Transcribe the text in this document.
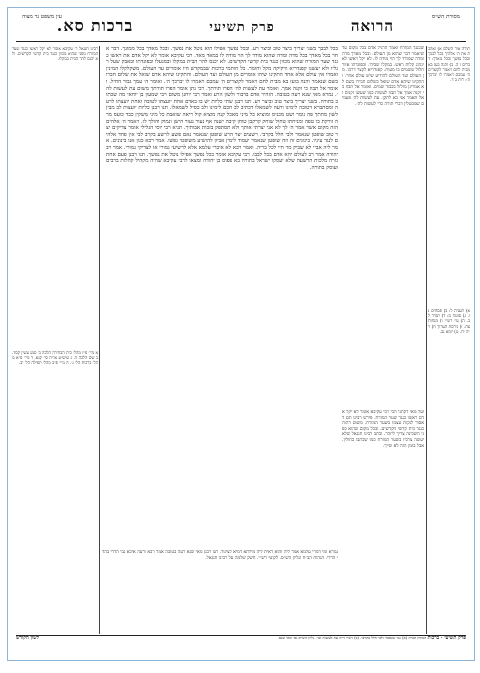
מסורת הש״ס
הרואה פרק תשיעי ברכות סא.
עין משפט נר מצוה
תורה אור השלם א) ואהבת את ה׳ אלהיך בכל לבבך ובכל נפשך ובכל מאדך: דברים ו ה. ב) והנה בעז בא מבית לחם ויאמר לקוצרים ה׳ עמכם ויאמרו לו יברכך ה׳: רות ב ד.
א) תענית ל: ב) פסחים נו. ג) סוטה מ: ד) תמיד לב. ה) עי׳ רש״י ו) מנחות צח. ז) גירסת הערוך ח) ר״ה יח. ט) יומא נב.
שכנגד המזרח ואמר הרגיל אדם בכל מקום עד שיאמר דבר שהוא מן העולם. ובכל מאדך מדה ומדה שמודד לך הוי מודה לו. לא יקל ראשו לא ינהוג קלות ראש. במקלו שבידו. ובפונדתו אזור חלול ששמים בו מעות. קפנדריא לקצר דרכו. מן העולם ועד העולם להודיע שיש עולם אחר. והתקינו שיהא אדם שואל בשלום חבירו בשם לא אמרינן מזלזל בכבוד שמים. ואומר אל תבוז כי זקנה אמך אל תבוז לעשות כמו שעשו זקנים ואל תאמר אני בא לתקן. עת לעשות לה׳ פעמים שמבטלין דברי תורה כדי לעשות לה׳.
בכל לבבך בשני יצריך ביצר טוב וביצר רע. ובכל נפשך אפילו הוא נוטל את נפשך. ובכל מאדך בכל ממונך. דבר אחר בכל מאדך בכל מדה ומדה שהוא מודד לך הוי מודה לו במאד מאד. רבי עקיבא אומר לא יקל אדם את ראשו כנגד שער המזרח שהוא מכוון כנגד בית קדשי הקדשים. לא יכנס להר הבית במקלו ובמנעלו ובפונדתו ובאבק שעל רגליו ולא יעשנו קפנדריא ורקיקה מקל וחומר. כל חותמי ברכות שבמקדש היו אומרים עד העולם. משקלקלו המינין ואמרו אין עולם אלא אחד התקינו שיהו אומרים מן העולם ועד העולם. והתקינו שיהא אדם שואל את שלום חברו בשם שנאמר והנה בועז בא מבית לחם ויאמר לקוצרים ה׳ עמכם ויאמרו לו יברכך ה׳. ואומר ה׳ עמך גבור החיל. ואומר אל תבוז כי זקנה אמך. ואומר עת לעשות לה׳ הפרו תורתך. רבי נתן אומר הפרו תורתך משום עת לעשות לה׳. גמרא מאי שנא רעה בטובה. הזהיר אדם בדבור ולשון הרע ואמר רבי יוחנן משום רבי שמעון בן יוחאי מה שכתוב בתורה. בשני יצריך ביצר טוב וביצר רע. תנו רבנן שתי כליות יש בו באדם אחת יועצתו לטובה ואחת יועצתו לרעה ומסתברא דטובה לימינו ורעה לשמאלו דכתיב לב חכם לימינו ולב כסיל לשמאלו. תנו רבנן כליות יועצות לב מבין לשון מחתך פה גומר ושט מכניס ומוציא כל מיני מאכל קנה מוציא קול ריאה שואבת כל מיני משקין כבד כועס מרה זורקת בו טפה ומניחתו טחול שוחק קרקבן טוחן קיבה ישנה אף נעור נעור הישן ונמוק והולך לו. ויאמר ה׳ אלהים הזה מקום אשר אמר ה׳ לך לא אני יצרתי אותך ולא תסתפק בזכות אבותיך. תניא רבי יוסי הגלילי אומר צדיקים יצר טוב שופטן שנאמר ולבי חלל בקרבי. רשעים יצר הרע שופטן שנאמר נאם פשע לרשע בקרב לבי אין פחד אלהים לנגד עיניו. בינונים זה וזה שופטן שנאמר יעמוד לימין אביון להושיע משופטי נפשו. אמר רבא כגון אנו בינונים. אמר ליה אביי לא שביק מר חיי לכל בריה. ואמר רבא לא איברי עלמא אלא לרשיעי גמורי או לצדיקי גמורי. אמר רב יהודה אמר רב לעולם יהא אדם בכל לבבו. רבי עקיבא אומר בכל נפשך אפילו נוטל את נפשך. תנו רבנן פעם אחת גזרה מלכות הרשעה שלא יעסקו ישראל בתורה בא פפוס בן יהודה ומצאו לרבי עקיבא שהיה מקהיל קהלות ברבים ועוסק בתורה.
רבינו חננאל ר׳ עקיבא אומר לא יקל ראשו כנגד שער המזרח מפני שהוא מכוון כנגד בית קדשי הקדשים. ולא יכנס להר הבית במקלו.
א מיי׳ פ״ז מהל׳ בית הבחירה הלכה ב׳ סמג עשין קסד. ב שם הלכה ה. ג טוש״ע או״ח סי׳ קנא. ד מיי׳ פ״א מהל׳ ברכות הל׳ ג׳. ה מיי׳ פ״ב מהל׳ תפילה הל׳ יב.
גמרא ומי דמרי עלמא אמר ליה והוא דאית ליה מילתא דמיא לצינור. תנו רבנן מאי שנא רעה בטובה אמר רבא ורעה איכא גבי הדדי בהדי הדדי. הגהות הב״ח וגליון הש״ס. לקוטי רש״י. חשק שלמה על רבינו חננאל.
ועל מאי דקתני הכי רבי עקיבא אומר לא יקל אדם ראשו כנגד שער המזרח. פירש רבינו תם דאסור לנקות עצמו בשער המזרח. משום דהוה כנגד בית קדשי הקדשים. ובכל מקום שהוא בפני השכינה צריך ליזהר. וכתב רבינו חננאל שלא יעשה צרכיו בשער המזרח כמו שכתבו בחולין. אבל בזמן הזה לא שייך.
פרק תשיעי · ברכות הגהות הב״ח (א) גמ׳ שנאמר ולבי חלל בקרבי. (ב) רש״י ד״ה עת לעשות וכו׳. גליון הש״ס גמ׳ מאי שנא.
לשון הקודש
